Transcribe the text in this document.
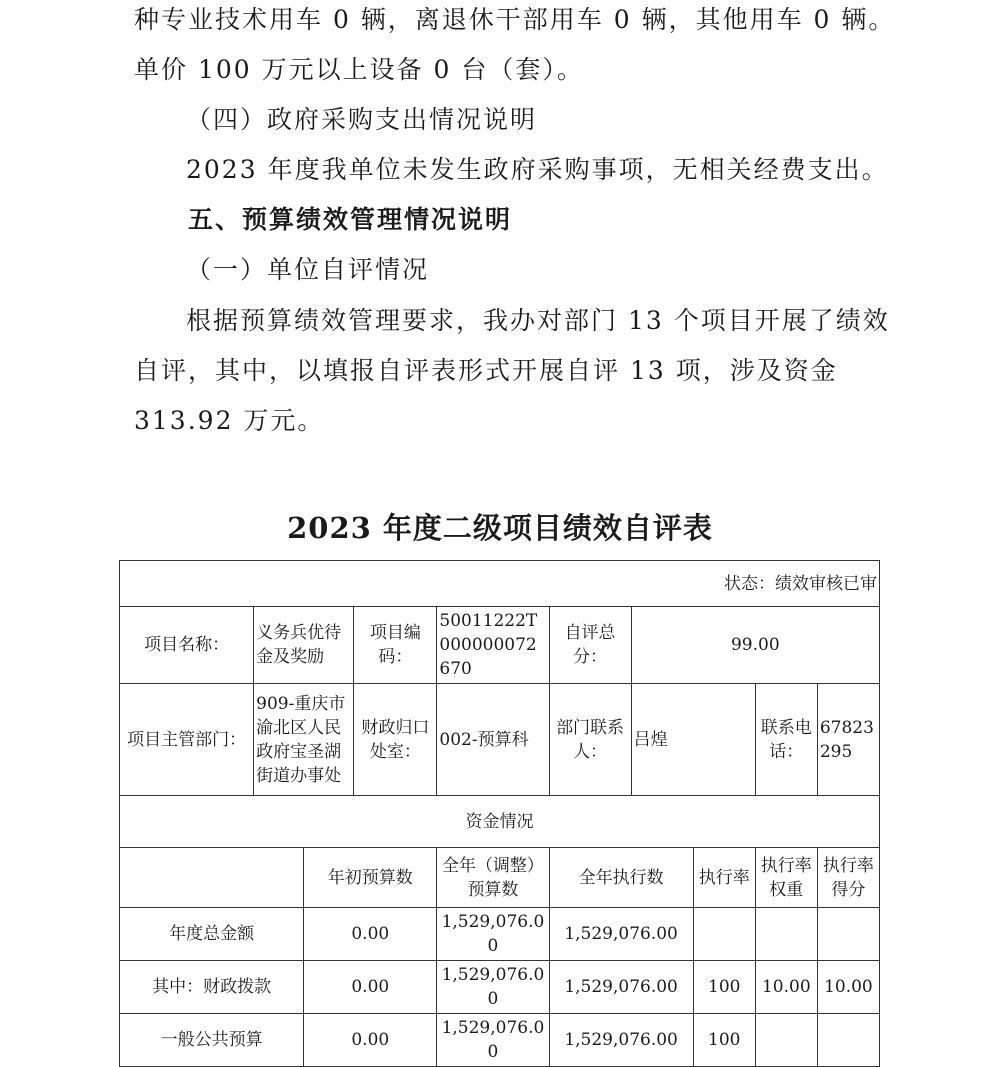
种专业技术用车 0 辆，离退休干部用车 0 辆，其他用车 0 辆。
单价 100 万元以上设备 0 台（套）。
（四）政府采购支出情况说明
2023 年度我单位未发生政府采购事项，无相关经费支出。
五、预算绩效管理情况说明
（一）单位自评情况
根据预算绩效管理要求，我办对部门 13 个项目开展了绩效
自评，其中，以填报自评表形式开展自评 13 项，涉及资金
313.92 万元。
2023 年度二级项目绩效自评表
状态：绩效审核已审									
项目名称：	义务兵优待金及奖励		项目编码：	50011222T000000072670	自评总分：	99.00			
项目主管部门：	909-重庆市渝北区人民政府宝圣湖街道办事处		财政归口处室：	002-预算科	部门联系人：	吕煌		联系电话：	67823295
资金情况									
		年初预算数		全年（调整）预算数	全年执行数		执行率	执行率权重	执行率得分
年度总金额		0.00		1,529,076.00	1,529,076.00				
其中：财政拨款		0.00		1,529,076.00	1,529,076.00		100	10.00	10.00
一般公共预算		0.00		1,529,076.00	1,529,076.00		100		
